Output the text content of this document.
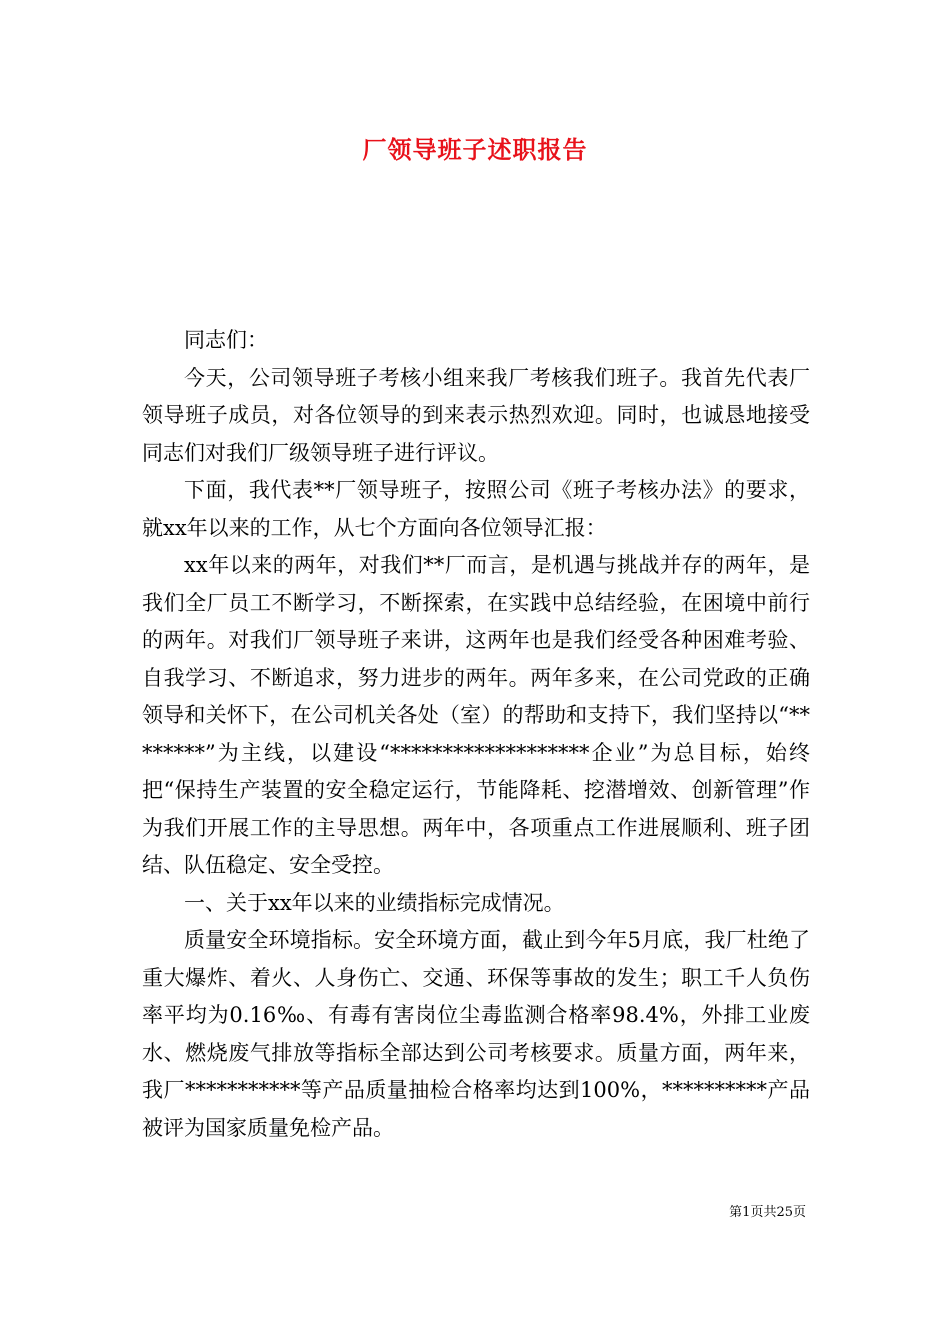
厂领导班子述职报告

同志们：

今天，公司领导班子考核小组来我厂考核我们班子。我首先代表厂领导班子成员，对各位领导的到来表示热烈欢迎。同时，也诚恳地接受同志们对我们厂级领导班子进行评议。

下面，我代表**厂领导班子，按照公司《班子考核办法》的要求，就xx年以来的工作，从七个方面向各位领导汇报：

xx年以来的两年，对我们**厂而言，是机遇与挑战并存的两年，是我们全厂员工不断学习，不断探索，在实践中总结经验，在困境中前行的两年。对我们厂领导班子来讲，这两年也是我们经受各种困难考验、自我学习、不断追求，努力进步的两年。两年多来，在公司党政的正确领导和关怀下，在公司机关各处（室）的帮助和支持下，我们坚持以“********”为主线，以建设“*******************企业”为总目标，始终把“保持生产装置的安全稳定运行，节能降耗、挖潜增效、创新管理”作为我们开展工作的主导思想。两年中，各项重点工作进展顺利、班子团结、队伍稳定、安全受控。

一、关于xx年以来的业绩指标完成情况。

质量安全环境指标。安全环境方面，截止到今年5月底，我厂杜绝了重大爆炸、着火、人身伤亡、交通、环保等事故的发生；职工千人负伤率平均为0.16‰、有毒有害岗位尘毒监测合格率98.4%，外排工业废水、燃烧废气排放等指标全部达到公司考核要求。质量方面，两年来，我厂***********等产品质量抽检合格率均达到100%，**********产品被评为国家质量免检产品。

第1页共25页
